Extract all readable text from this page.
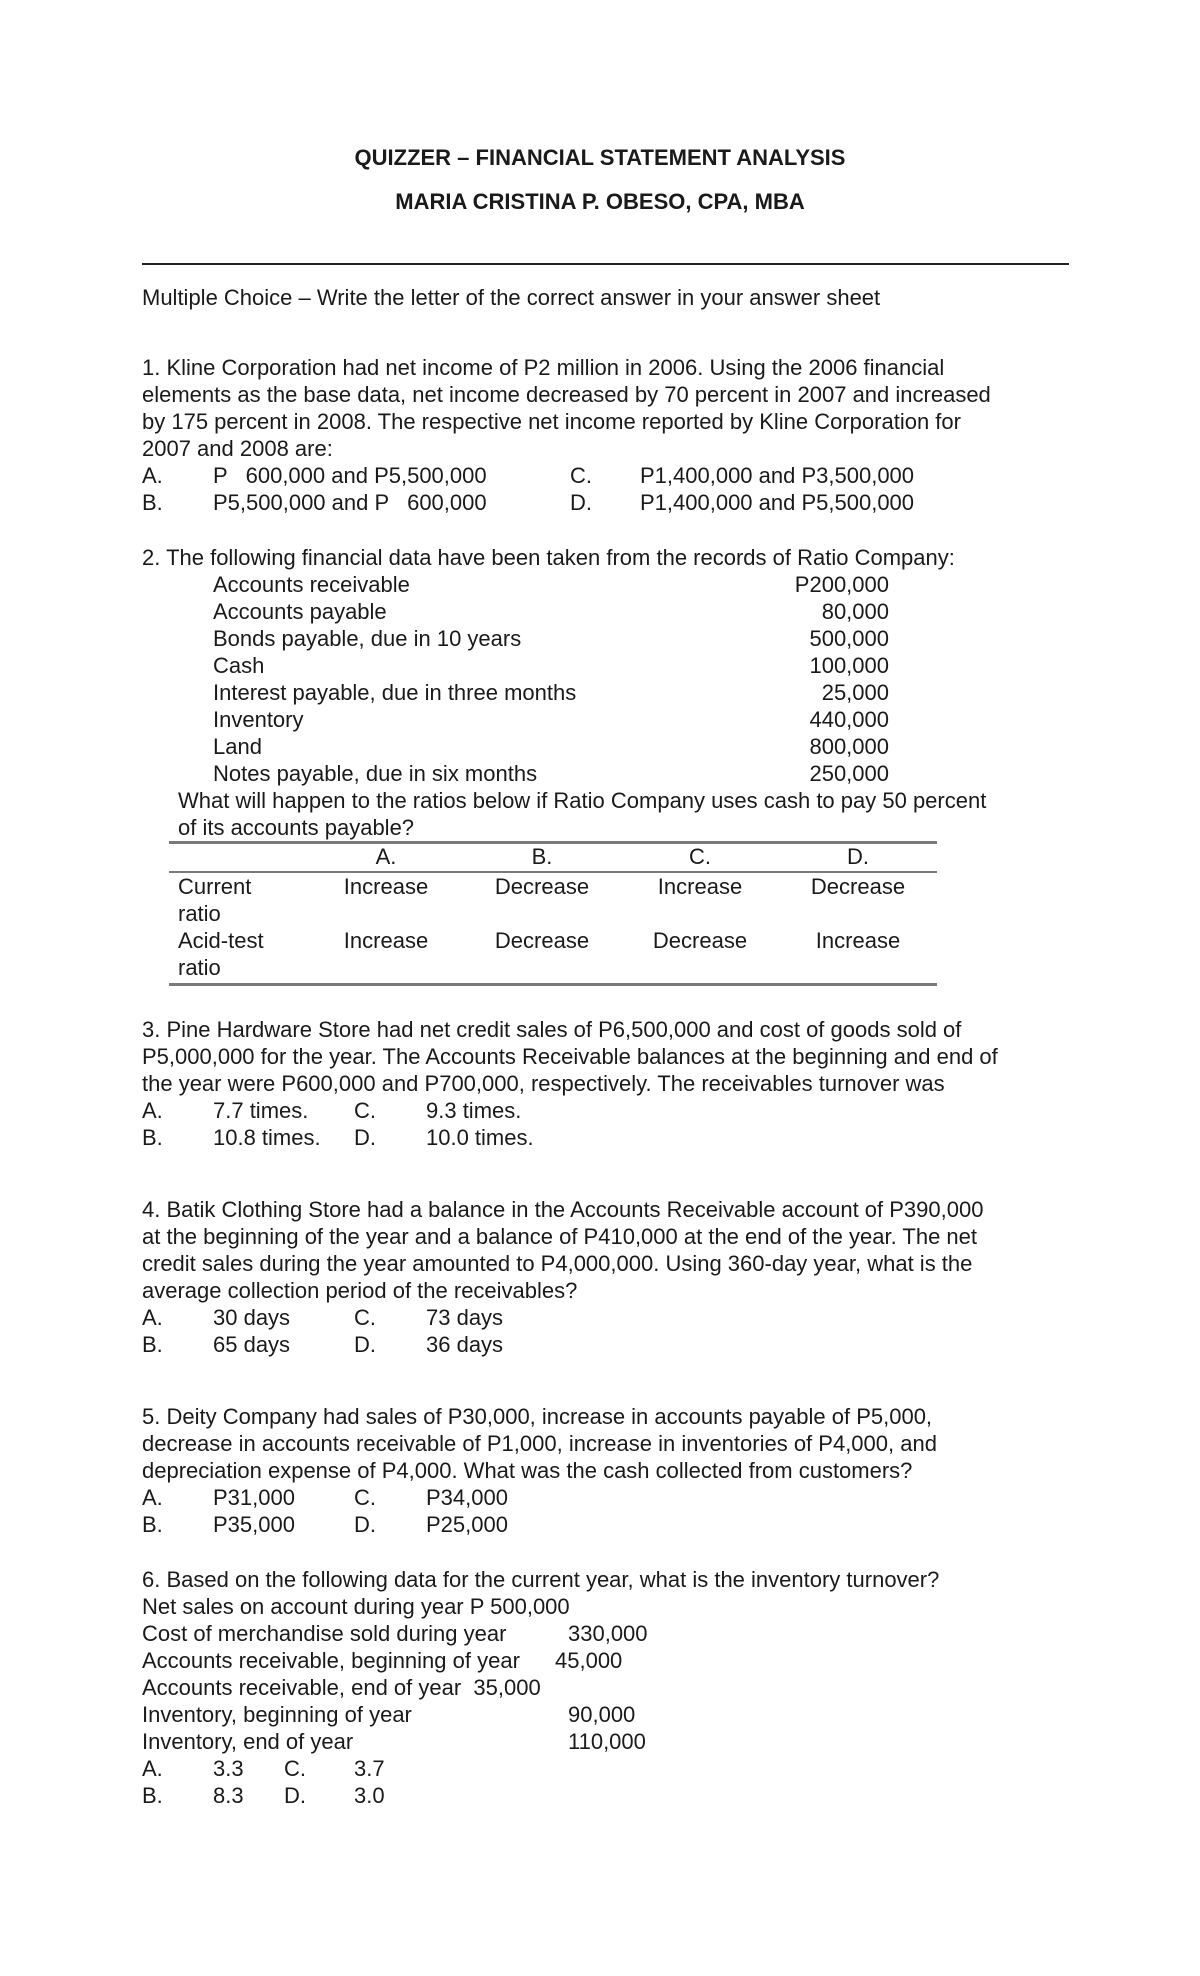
QUIZZER – FINANCIAL STATEMENT ANALYSIS
MARIA CRISTINA P. OBESO, CPA, MBA
Multiple Choice – Write the letter of the correct answer in your answer sheet
1. Kline Corporation had net income of P2 million in 2006. Using the 2006 financial
elements as the base data, net income decreased by 70 percent in 2007 and increased
by 175 percent in 2008. The respective net income reported by Kline Corporation for
2007 and 2008 are:
A. P   600,000 and P5,500,000
B. P5,500,000 and P   600,000
C. P1,400,000 and P3,500,000
D. P1,400,000 and P5,500,000
2. The following financial data have been taken from the records of Ratio Company:
Accounts receivable	P200,000
Accounts payable	80,000
Bonds payable, due in 10 years	500,000
Cash	100,000
Interest payable, due in three months	25,000
Inventory	440,000
Land	800,000
Notes payable, due in six months	250,000
What will happen to the ratios below if Ratio Company uses cash to pay 50 percent
of its accounts payable?
A.	B.	C.	D.
Current
ratio
Increase	Decrease	Increase	Decrease
Acid-test
ratio
Increase	Decrease	Decrease	Increase
3. Pine Hardware Store had net credit sales of P6,500,000 and cost of goods sold of
P5,000,000 for the year. The Accounts Receivable balances at the beginning and end of
the year were P600,000 and P700,000, respectively. The receivables turnover was
A. 7.7 times. C. 9.3 times.
B. 10.8 times. D. 10.0 times.
4. Batik Clothing Store had a balance in the Accounts Receivable account of P390,000
at the beginning of the year and a balance of P410,000 at the end of the year. The net
credit sales during the year amounted to P4,000,000. Using 360-day year, what is the
average collection period of the receivables?
A. 30 days	C. 73 days
B. 65 days	D. 36 days
5. Deity Company had sales of P30,000, increase in accounts payable of P5,000,
decrease in accounts receivable of P1,000, increase in inventories of P4,000, and
depreciation expense of P4,000. What was the cash collected from customers?
A. P31,000	C. P34,000
B. P35,000	D. P25,000
6. Based on the following data for the current year, what is the inventory turnover?
Net sales on account during year P 500,000
Cost of merchandise sold during year	330,000
Accounts receivable, beginning of year 45,000
Accounts receivable, end of year  35,000
Inventory, beginning of year	90,000
Inventory, end of year	110,000
A. 3.3 C. 3.7
B. 8.3 D. 3.0
